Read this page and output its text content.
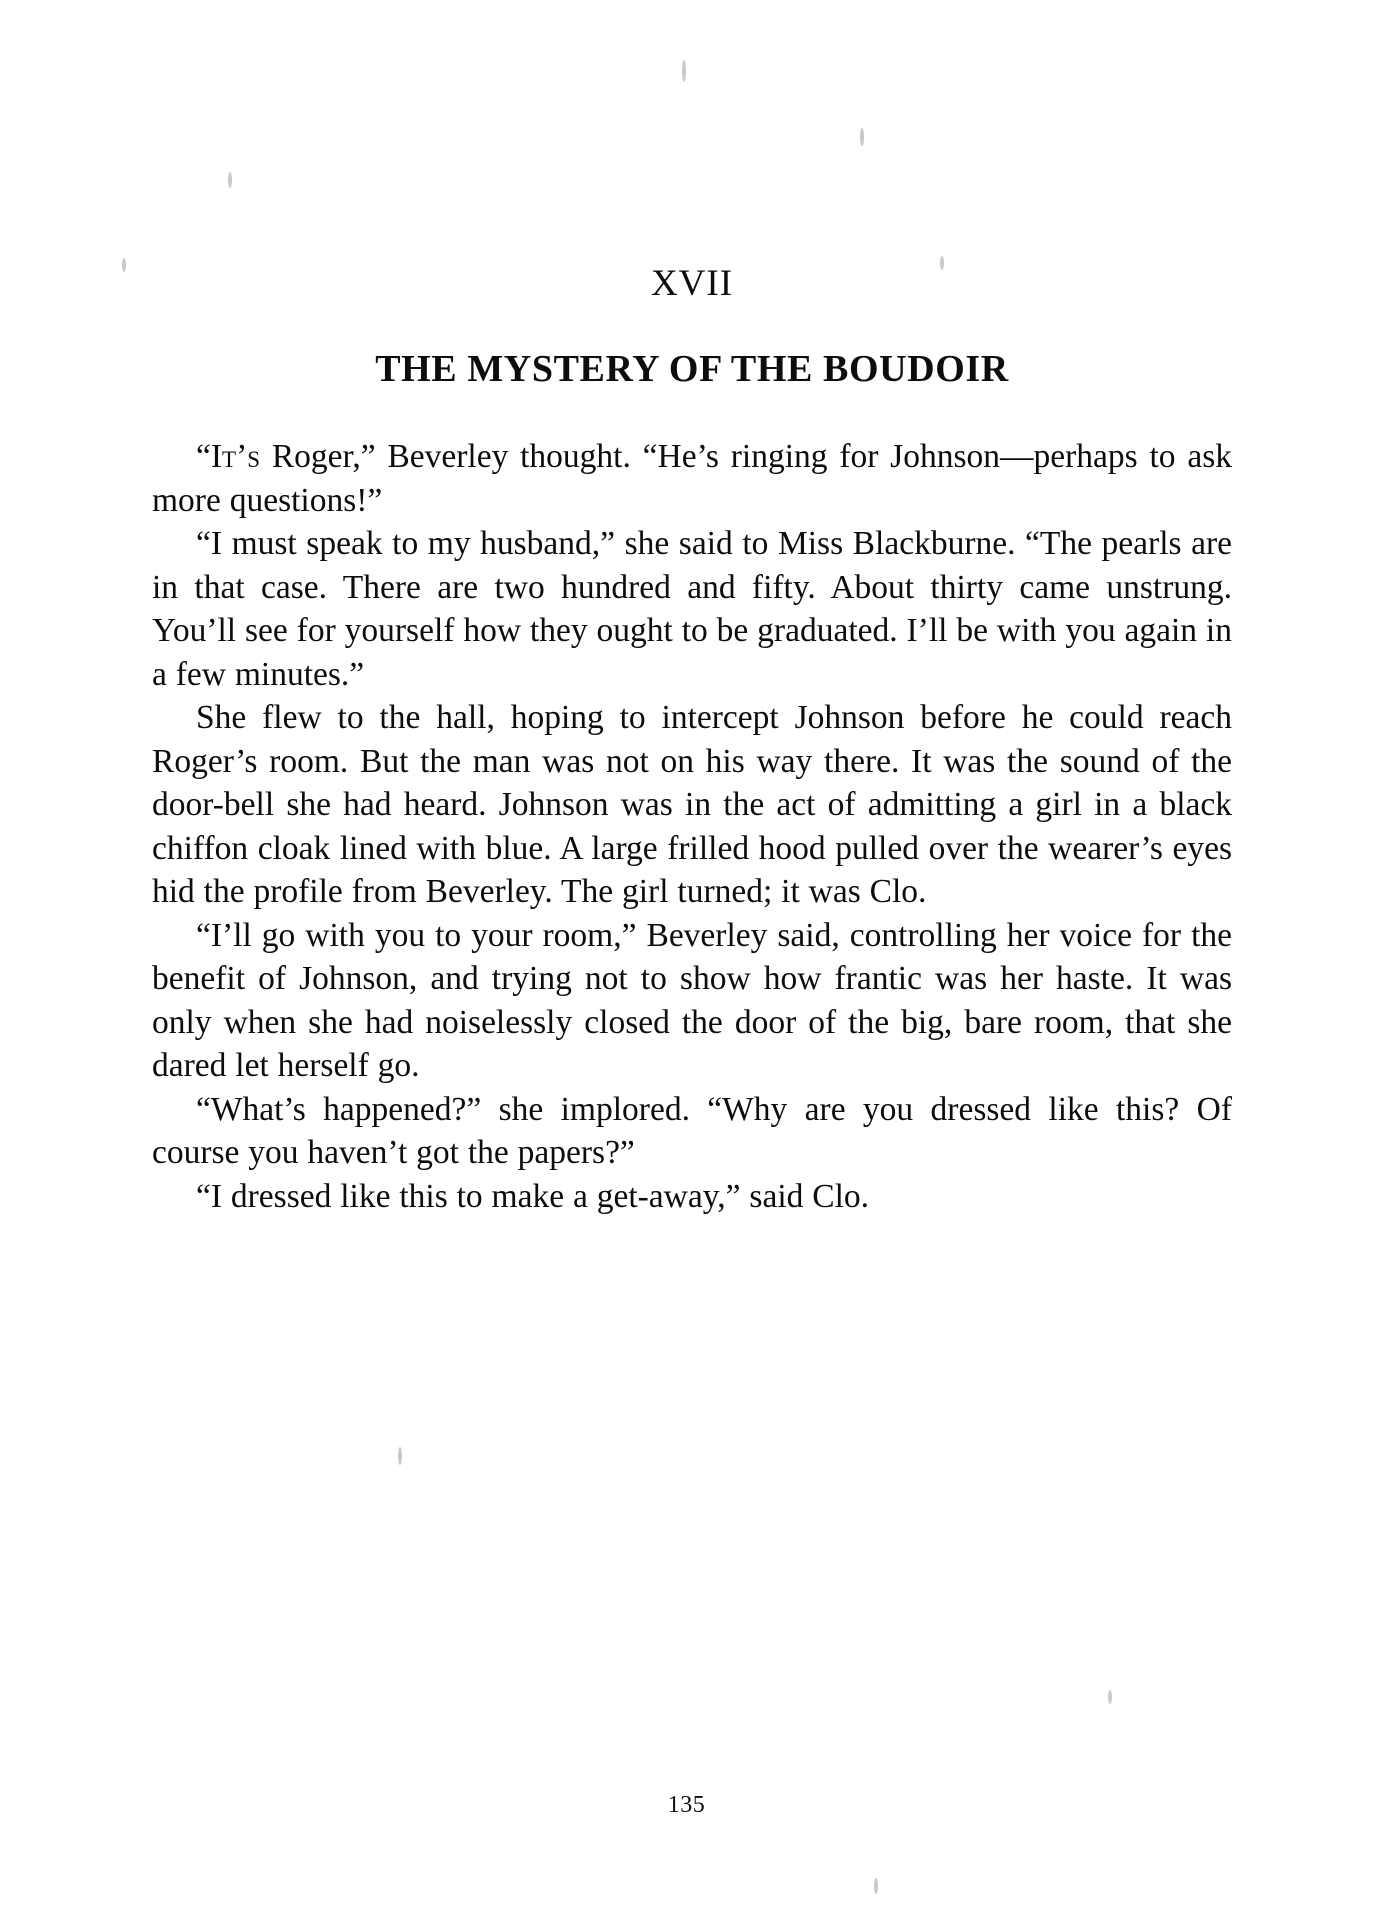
XVII
THE MYSTERY OF THE BOUDOIR

“It’s Roger,” Beverley thought. “He’s ringing for Johnson—perhaps to ask more questions!”

“I must speak to my husband,” she said to Miss Blackburne. “The pearls are in that case. There are two hundred and fifty. About thirty came unstrung. You’ll see for yourself how they ought to be graduated. I’ll be with you again in a few minutes.”

She flew to the hall, hoping to intercept Johnson before he could reach Roger’s room. But the man was not on his way there. It was the sound of the door-bell she had heard. Johnson was in the act of admitting a girl in a black chiffon cloak lined with blue. A large frilled hood pulled over the wearer’s eyes hid the profile from Beverley. The girl turned; it was Clo.

“I’ll go with you to your room,” Beverley said, controlling her voice for the benefit of Johnson, and trying not to show how frantic was her haste. It was only when she had noiselessly closed the door of the big, bare room, that she dared let herself go.

“What’s happened?” she implored. “Why are you dressed like this? Of course you haven’t got the papers?”

“I dressed like this to make a get-away,” said Clo.

135
